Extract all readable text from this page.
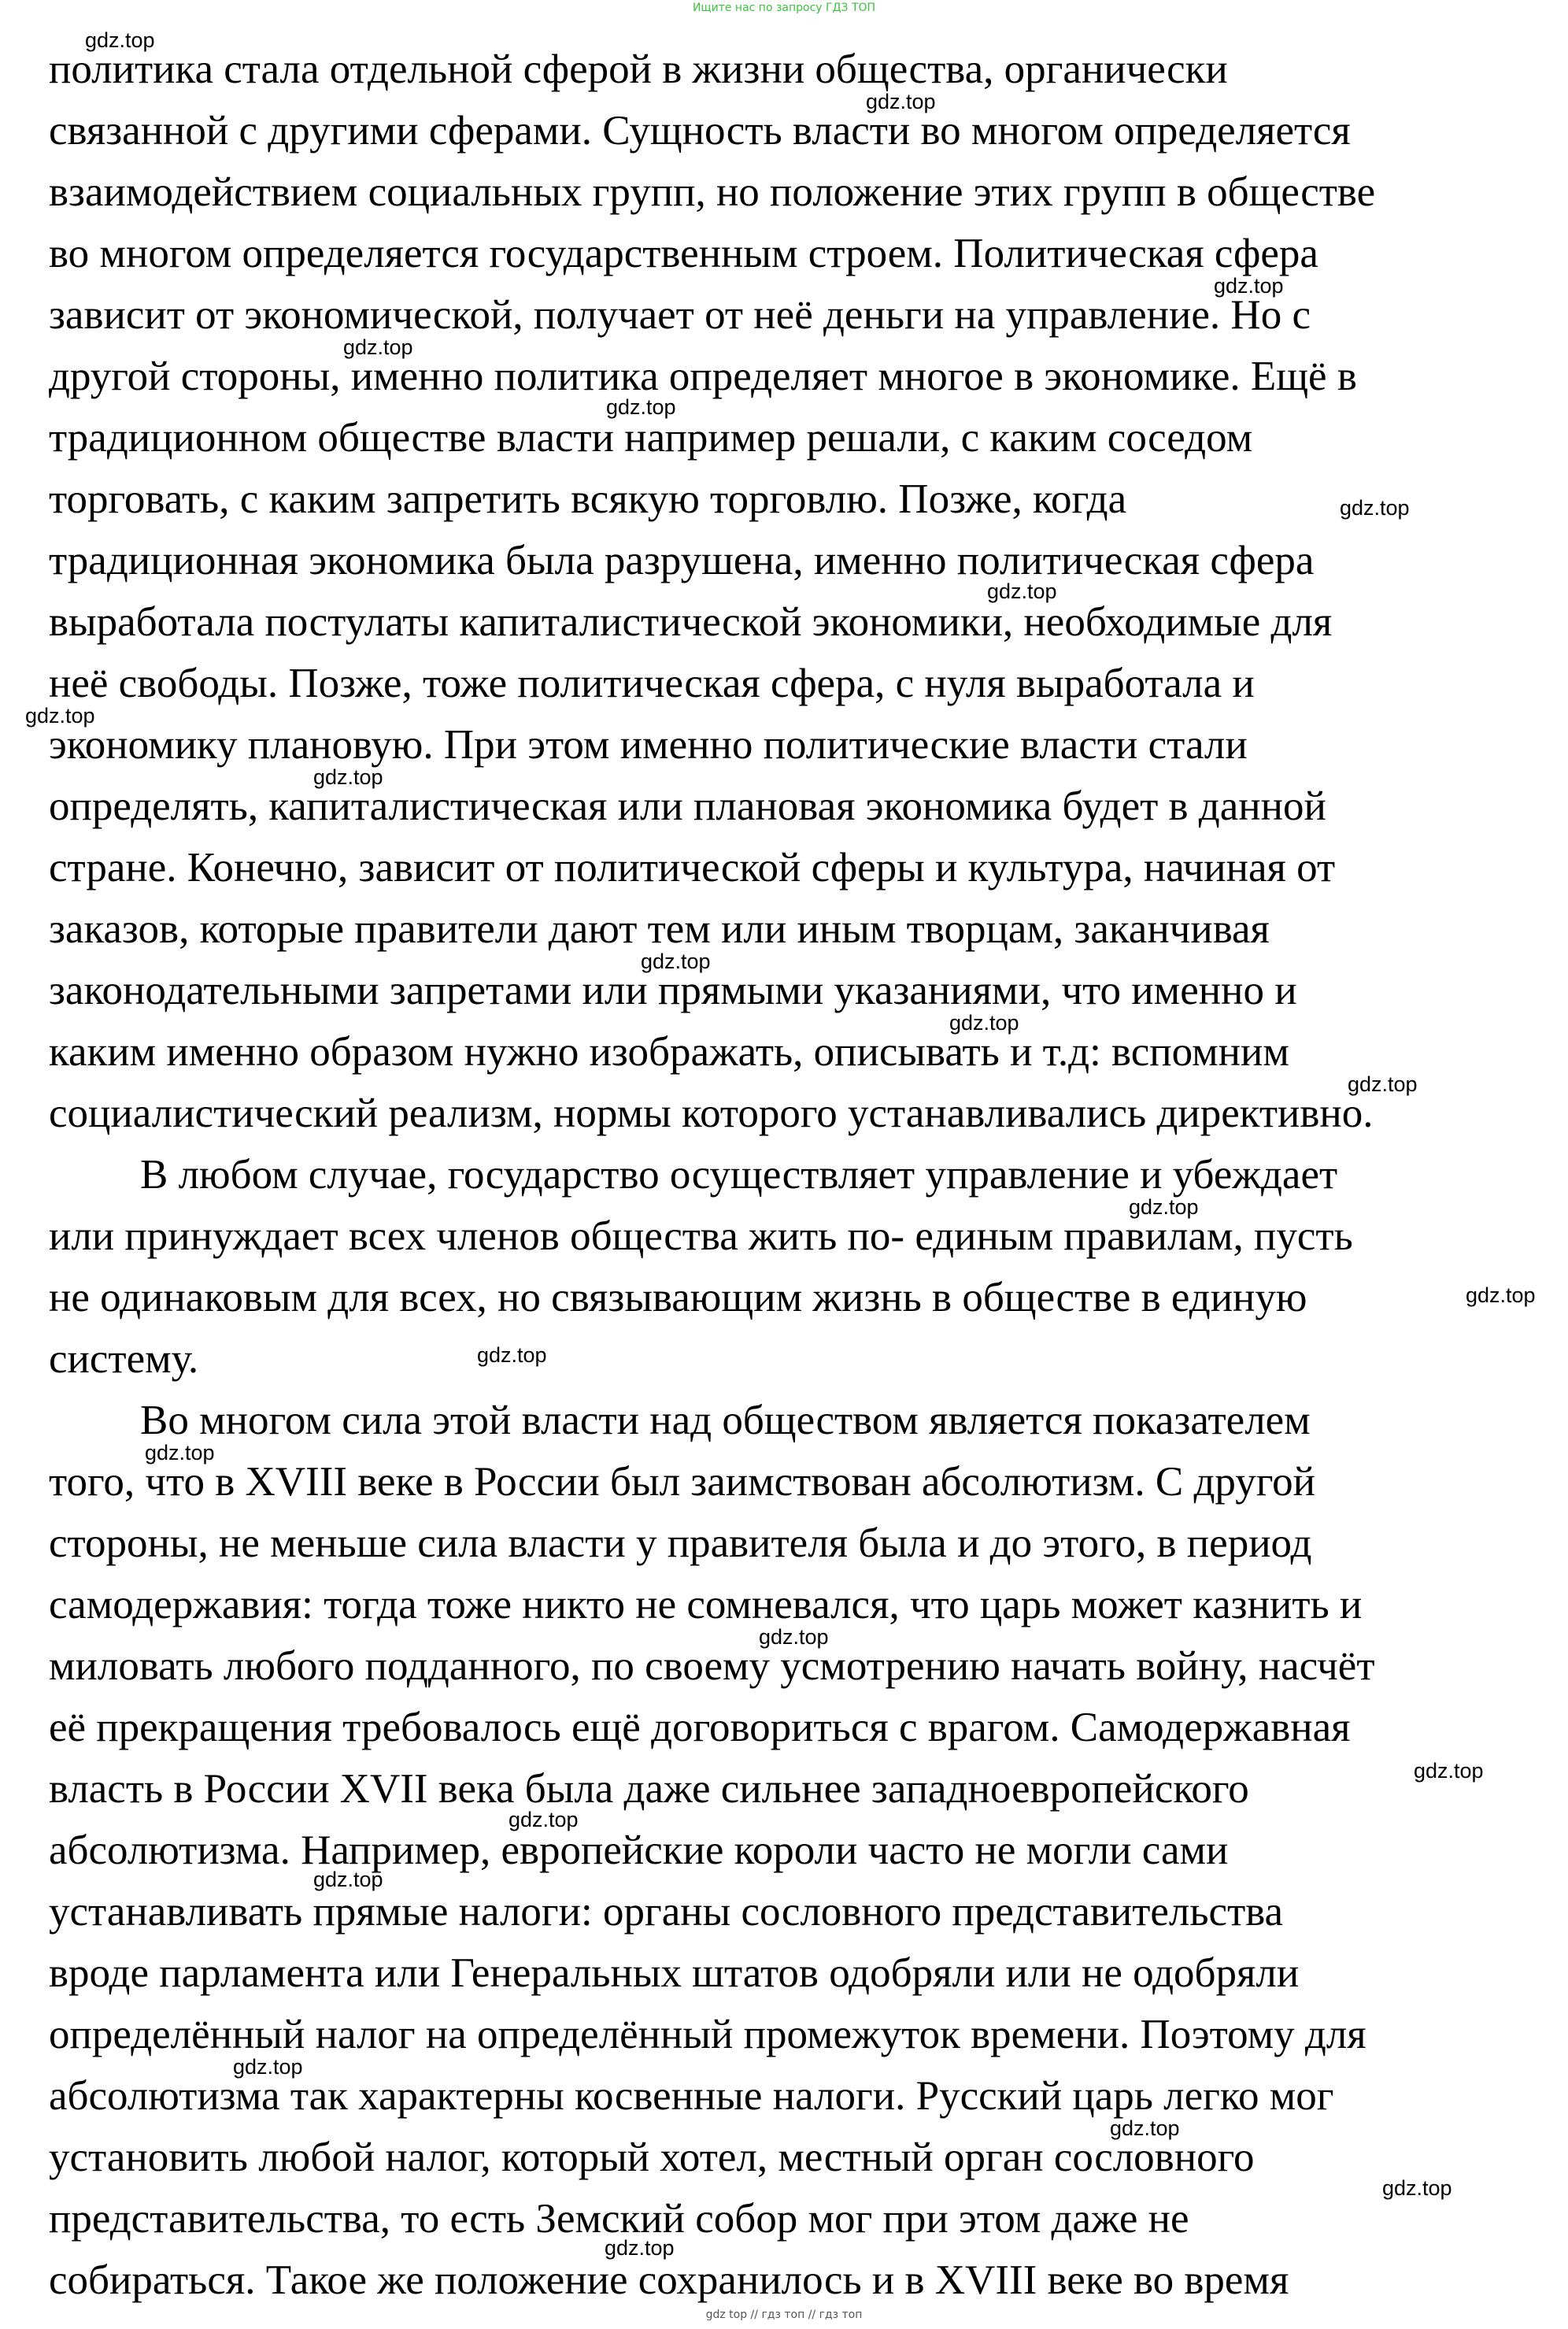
Ищите нас по запросу ГДЗ ТОП
политика стала отдельной сферой в жизни общества, органически
связанной с другими сферами. Сущность власти во многом определяется
взаимодействием социальных групп, но положение этих групп в обществе
во многом определяется государственным строем. Политическая сфера
зависит от экономической, получает от неё деньги на управление. Но с
другой стороны, именно политика определяет многое в экономике. Ещё в
традиционном обществе власти например решали, с каким соседом
торговать, с каким запретить всякую торговлю. Позже, когда
традиционная экономика была разрушена, именно политическая сфера
выработала постулаты капиталистической экономики, необходимые для
неё свободы. Позже, тоже политическая сфера, с нуля выработала и
экономику плановую. При этом именно политические власти стали
определять, капиталистическая или плановая экономика будет в данной
стране. Конечно, зависит от политической сферы и культура, начиная от
заказов, которые правители дают тем или иным творцам, заканчивая
законодательными запретами или прямыми указаниями, что именно и
каким именно образом нужно изображать, описывать и т.д: вспомним
социалистический реализм, нормы которого устанавливались директивно.
В любом случае, государство осуществляет управление и убеждает
или принуждает всех членов общества жить по- единым правилам, пусть
не одинаковым для всех, но связывающим жизнь в обществе в единую
систему.
Во многом сила этой власти над обществом является показателем
того, что в XVIII веке в России был заимствован абсолютизм. С другой
стороны, не меньше сила власти у правителя была и до этого, в период
самодержавия: тогда тоже никто не сомневался, что царь может казнить и
миловать любого подданного, по своему усмотрению начать войну, насчёт
её прекращения требовалось ещё договориться с врагом. Самодержавная
власть в России XVII века была даже сильнее западноевропейского
абсолютизма. Например, европейские короли часто не могли сами
устанавливать прямые налоги: органы сословного представительства
вроде парламента или Генеральных штатов одобряли или не одобряли
определённый налог на определённый промежуток времени. Поэтому для
абсолютизма так характерны косвенные налоги. Русский царь легко мог
установить любой налог, который хотел, местный орган сословного
представительства, то есть Земский собор мог при этом даже не
собираться. Такое же положение сохранилось и в XVIII веке во время
gdz.top
gdz.top
gdz.top
gdz.top
gdz.top
gdz.top
gdz.top
gdz.top
gdz.top
gdz.top
gdz.top
gdz.top
gdz.top
gdz.top
gdz.top
gdz.top
gdz.top
gdz.top
gdz.top
gdz.top
gdz.top
gdz.top
gdz.top
gdz.top
gdz top // гдз топ // гдз топ
